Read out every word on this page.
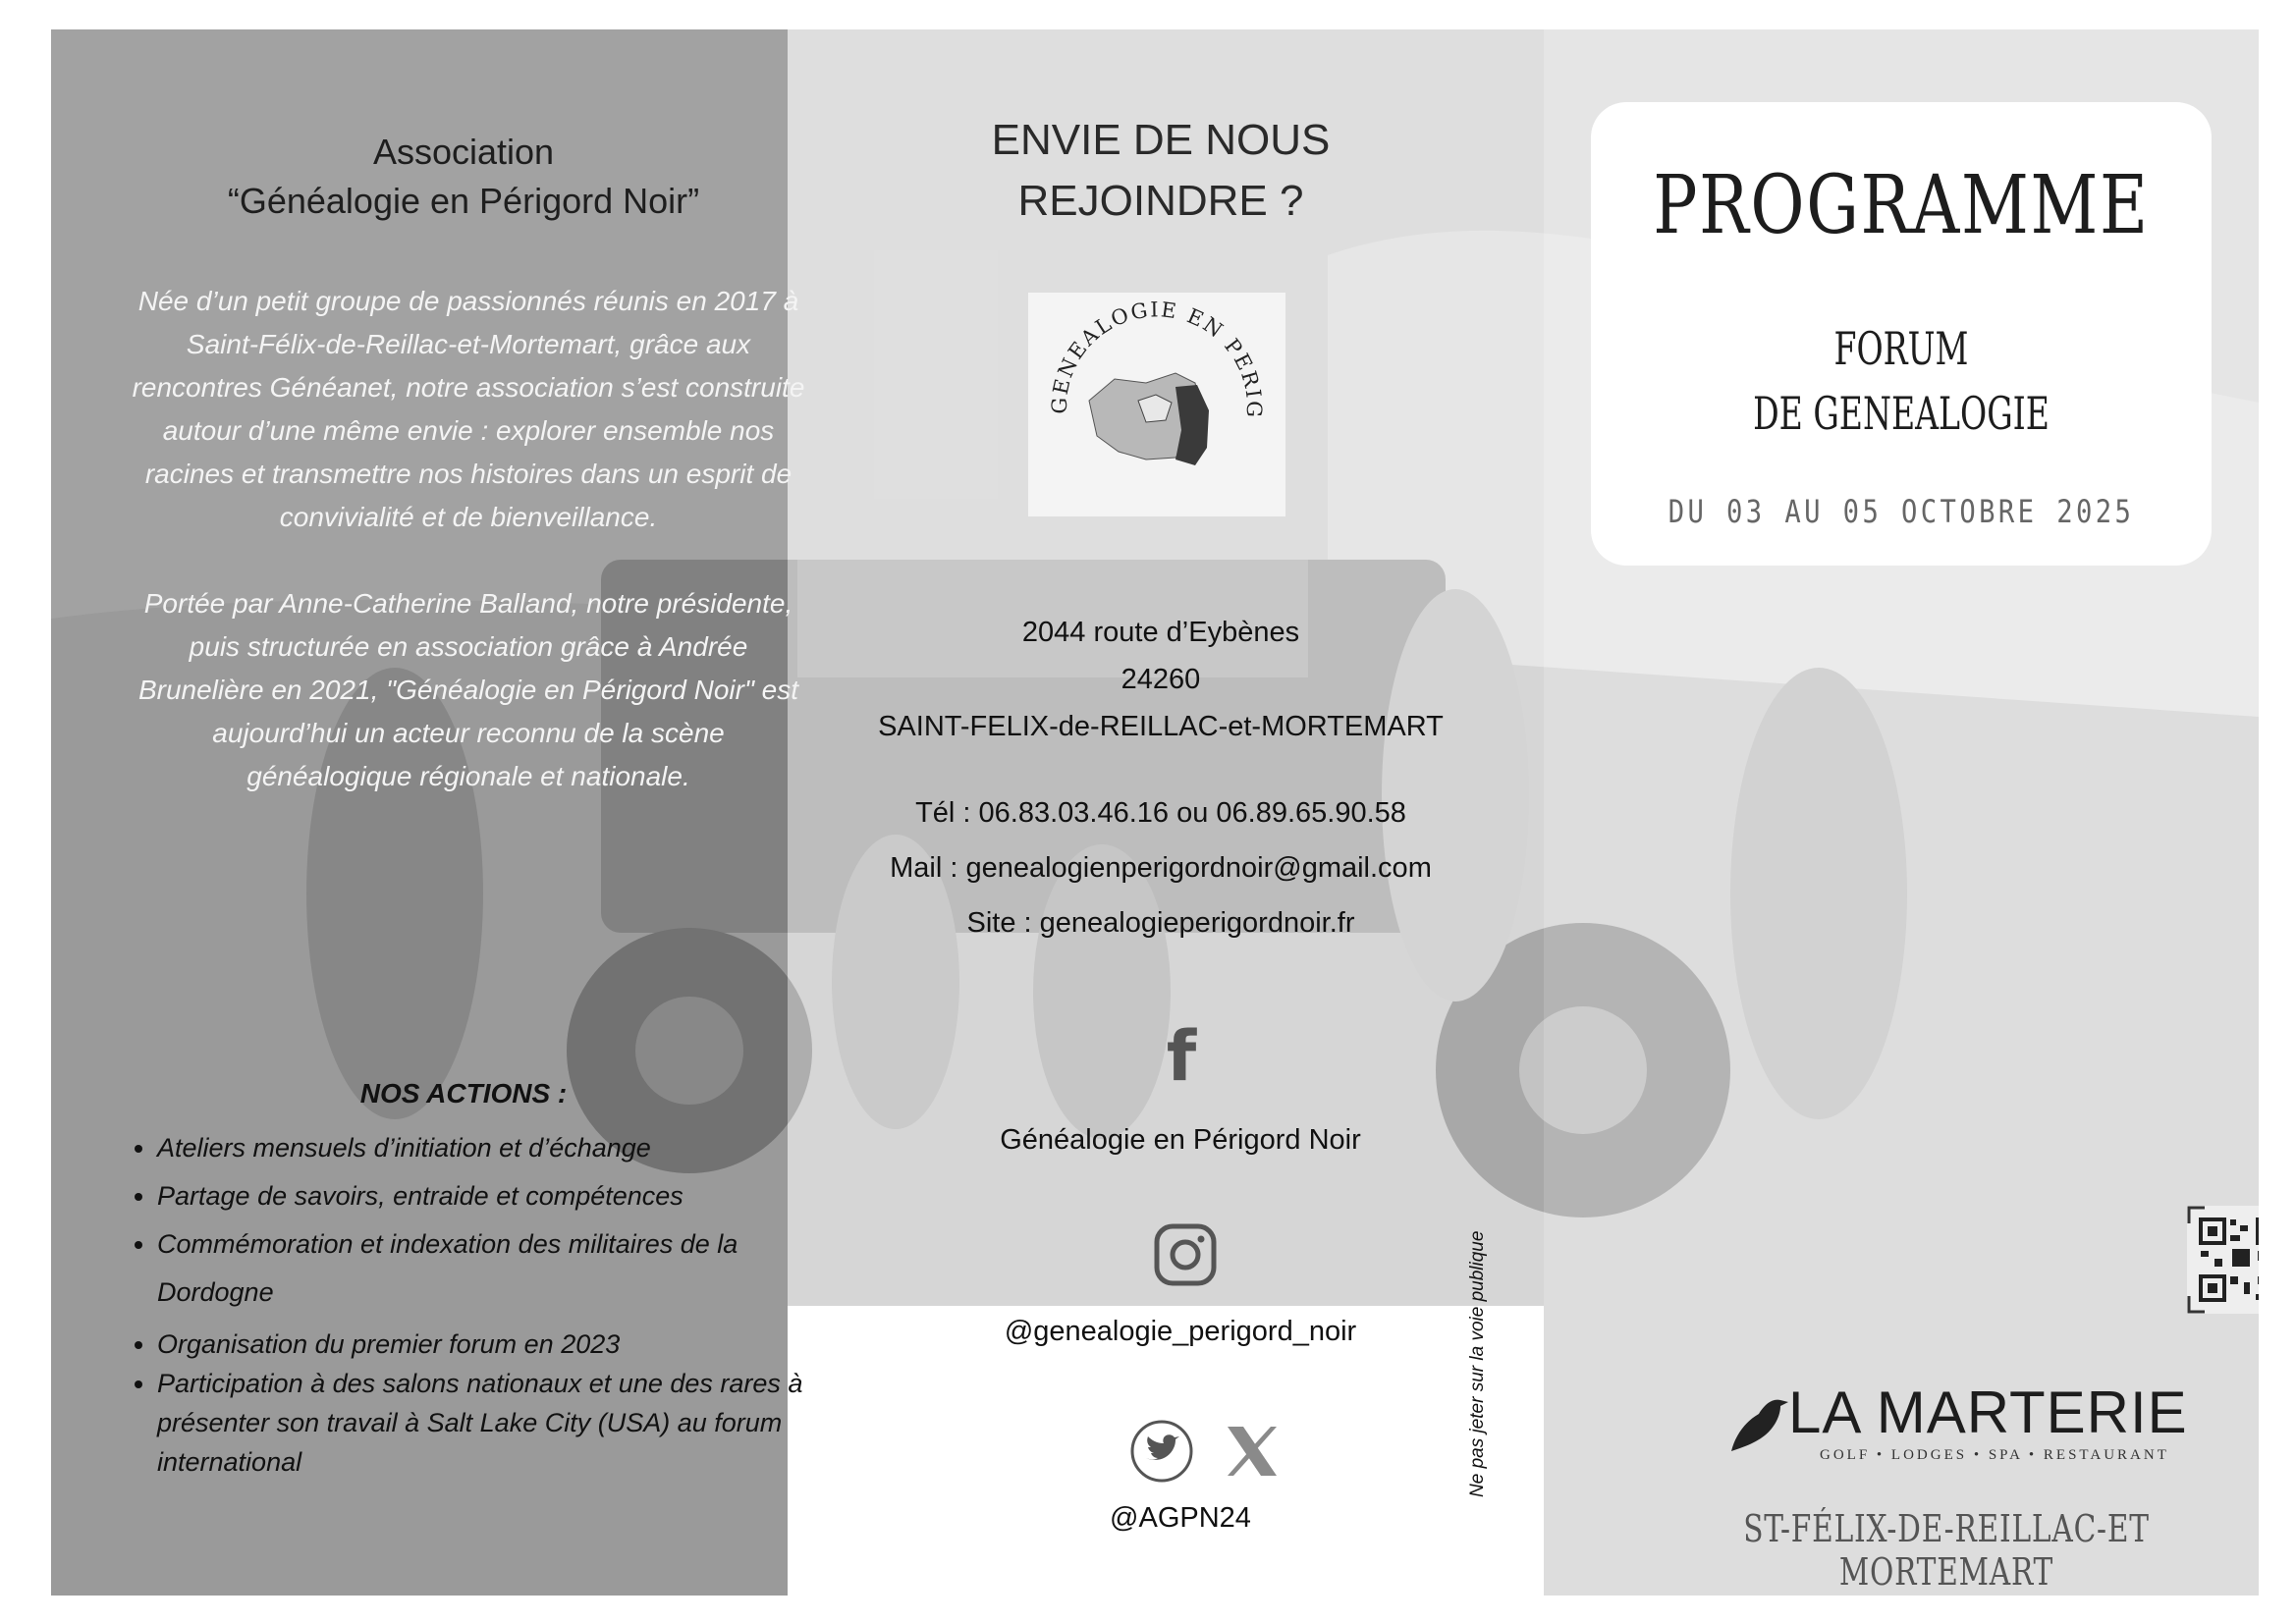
Association
“Généalogie en Périgord Noir”

Née d’un petit groupe de passionnés réunis en 2017 à Saint-Félix-de-Reillac-et-Mortemart, grâce aux rencontres Généanet, notre association s’est construite autour d’une même envie : explorer ensemble nos racines et transmettre nos histoires dans un esprit de convivialité et de bienveillance.

Portée par Anne-Catherine Balland, notre présidente, puis structurée en association grâce à Andrée Brunelière en 2021, "Généalogie en Périgord Noir" est aujourd’hui un acteur reconnu de la scène généalogique régionale et nationale.

NOS ACTIONS :
• Ateliers mensuels d’initiation et d’échange
• Partage de savoirs, entraide et compétences
• Commémoration et indexation des militaires de la Dordogne
• Organisation du premier forum en 2023
• Participation à des salons nationaux et une des rares à présenter son travail à Salt Lake City (USA) au forum international
ENVIE DE NOUS
REJOINDRE ?
GENEALOGIE EN PERIG
2044 route d’Eybènes
24260
SAINT-FELIX-de-REILLAC-et-MORTEMART
Tél : 06.83.03.46.16 ou 06.89.65.90.58
Mail : genealogienperigordnoir@gmail.com
Site : genealogieperigordnoir.fr
f
Généalogie en Périgord Noir
@genealogie_perigord_noir
@AGPN24
Ne pas jeter sur la voie publique
PROGRAMME
FORUM
DE GENEALOGIE
DU 03 AU 05 OCTOBRE 2025
LA MARTERIE
GOLF • LODGES • SPA • RESTAURANT
ST-FÉLIX-DE-REILLAC-ET MORTEMART
